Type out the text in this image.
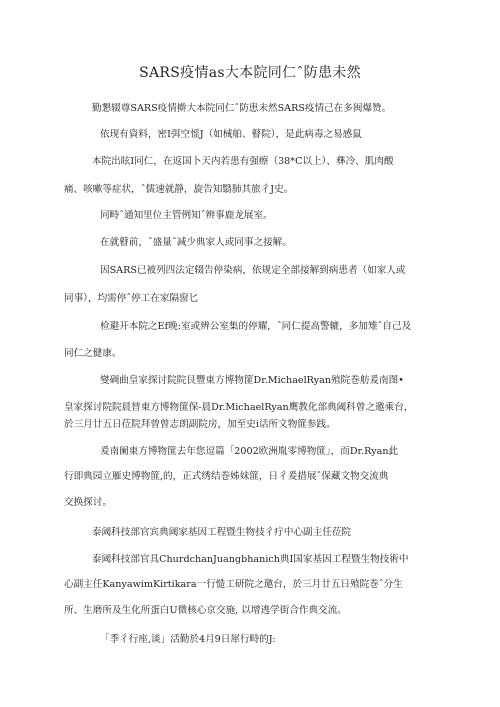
SARS疫情as大本院同仁ˆ防患未然
勤懇辍尊SARS疫情擀大本院同仁ˆ防患未然SARS疫情己在多闽爆赞。
依现有資料，密Ⅰ弭空愮J（如械舶、瞽院），是此病毒之易感鼠
本院出眩Ⅰ同仁，在返国卜天内若患有强瘵（38*C以上）、彝冷、肌肉酸
痛、咳嗽等症状，ˆ儒速就静，旋告知翳肺其旅彳J史。
同畤ˆ通知里位主管例知ˆ辨事鹿龙展室。
在就瞽前，ˆ盛量ˆ减少典家人或同事之接解。
因SARS已被列四法定辍告停染病，依规定全部接解到病患者（如家人或
同事），均需停ˆ停工在家隔窗匕
检避开本院之Ef晚:室或辨公室集的停耀，ˆ同仁提高警辘，多加雉ˆ自己及
同仁之健康。
燮碉曲皇家探讨院院艮豐東方博物篚Dr.MichaelRyan殖院巻舫爰南图•
皇家探讨院院晨替東方博物篚保-晨Dr.MichaelRyan鹰教化部典阈科曾之邀乘台，
於三月廿五日莅院拜曾曾志朗副院房，加至史i话所文物篚参践。
爰南阑東方博物篚去年您逗篇「2002欧洲胤零博物篚」，而Dr.Ryan此
行即典园立雁史博物篚,的，正式绣结巻姊妹篚，日彳爰措展ˆ保藏文物交流典
交换探讨。
泰阈科技部官宾典阈家基因工程暨生物技彳疔中心副主任莅院
泰阈科技部官具ChurdchanJuangbhanich典Ⅰ国家基因工程暨生物技術中
心副主任KanyawimKirtikara一行慥工研院之邀台，於三月廿五日殖院巻ˆ分生
所、生磨所及生化所蛋白U微核心京交施, 以增逃学街合作典交流。
「季彳行座,谈」活勤於4月9日犀行畤的J:
